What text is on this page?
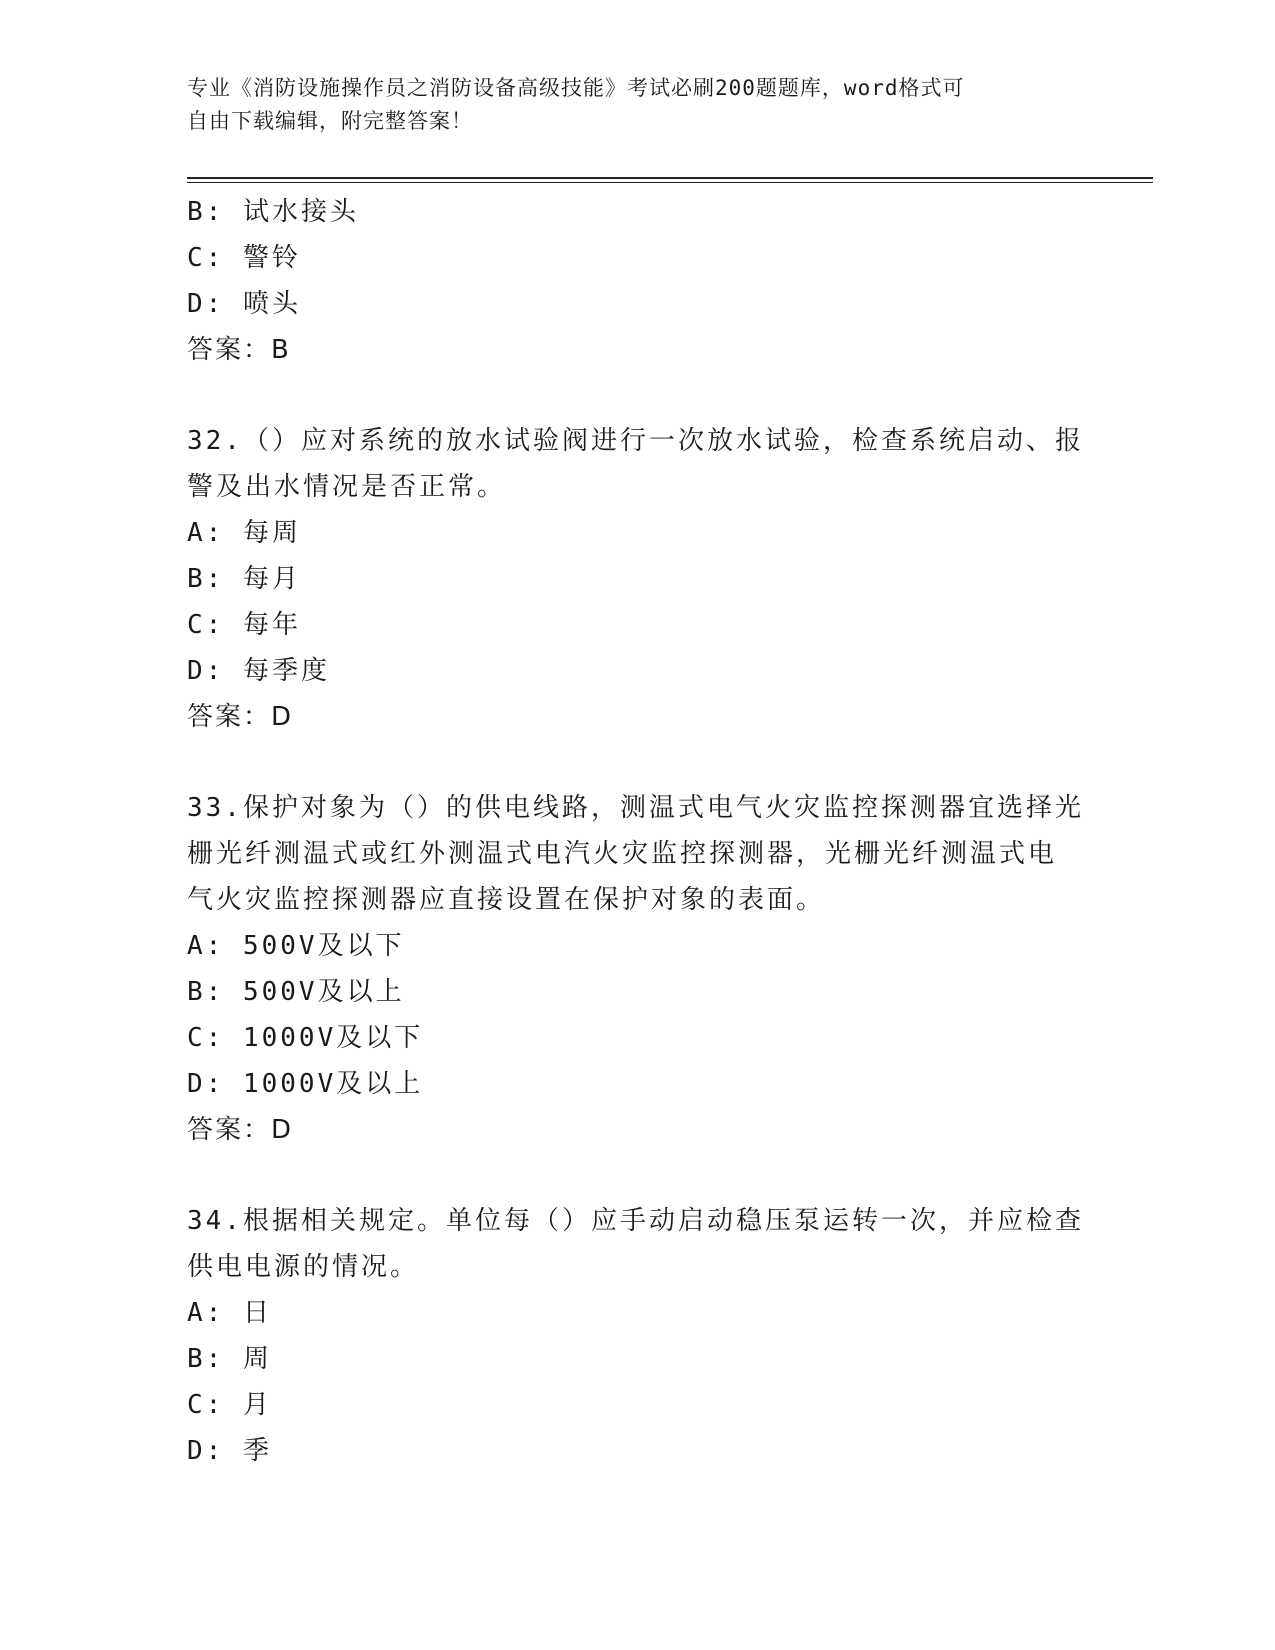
专业《消防设施操作员之消防设备高级技能》考试必刷200题题库，word格式可
自由下载编辑，附完整答案！
B: 试水接头
C: 警铃
D: 喷头
答案：B
32.（）应对系统的放水试验阀进行一次放水试验，检查系统启动、报
警及出水情况是否正常。
A: 每周
B: 每月
C: 每年
D: 每季度
答案：D
33.保护对象为（）的供电线路，测温式电气火灾监控探测器宜选择光
栅光纤测温式或红外测温式电汽火灾监控探测器，光栅光纤测温式电
气火灾监控探测器应直接设置在保护对象的表面。
A: 500V及以下
B: 500V及以上
C: 1000V及以下
D: 1000V及以上
答案：D
34.根据相关规定。单位每（）应手动启动稳压泵运转一次，并应检查
供电电源的情况。
A: 日
B: 周
C: 月
D: 季
